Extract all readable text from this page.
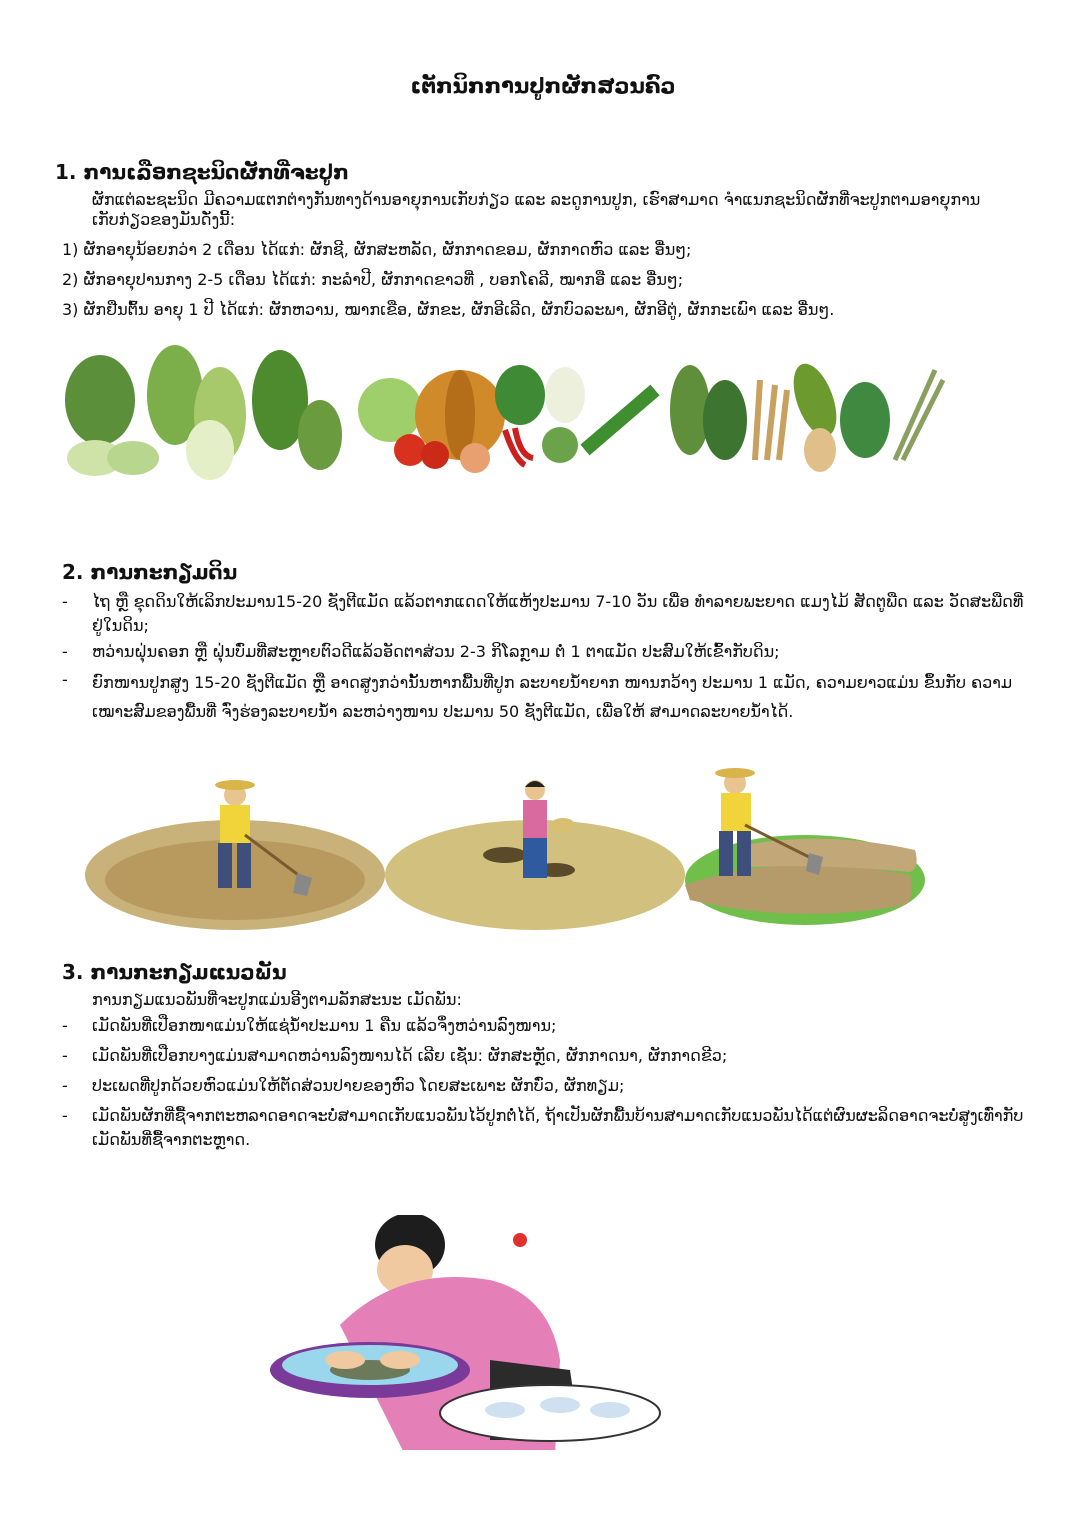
ເຕັກນິກການປູກຜັກສວນຄົວ
1. ການເລືອກຊະນິດຜັກທີ່ຈະປູກ
ຜັກແຕ່ລະຊະນິດ ມີຄວາມແຕກຕ່າງກັນທາງດ້ານອາຍຸການເກັບກ່ຽວ ແລະ ລະດູການປູກ, ເຮົາສາມາດ ຈຳແນກຊະນິດຜັກທີ່ຈະປູກຕາມອາຍຸການເກັບກ່ຽວຂອງມັນດັ່ງນີ້:
1) ຜັກອາຍຸນ້ອຍກວ່າ 2 ເດືອນ ໄດ້ແກ່: ຜັກຊີ, ຜັກສະຫລັດ, ຜັກກາດຂອມ, ຜັກກາດຫົວ ແລະ ອື່ນໆ;
2) ຜັກອາຍຸປານກາງ 2-5 ເດືອນ ໄດ້ແກ່: ກະລຳປີ, ຜັກກາດຂາວທີ່ , ບອກໂຄລີ, ໝາກອື ແລະ ອື່ນໆ;
3) ຜັກຢືນຕົ້ນ ອາຍຸ 1 ປີ ໄດ້ແກ່: ຜັກຫວານ, ໝາກເຂືອ, ຜັກຂະ, ຜັກອີເລີດ, ຜັກບົວລະພາ, ຜັກອີຕູ່, ຜັກກະເພົາ ແລະ ອື່ນໆ.
2. ການກະກຽມດິນ
- ໄຖ ຫຼື ຂຸດດິນໃຫ້ເລິກປະມານ15-20 ຊັງຕີແມັດ ແລ້ວຕາກແດດໃຫ້ແຫ້ງປະມານ 7-10 ວັນ ເພື່ອ ທຳລາຍພະຍາດ ແມງໄມ້ ສັດຕູພືດ ແລະ ວັດສະພືດທີ່ຢູ່ໃນດິນ;
- ຫວ່ານຝຸ່ນຄອກ ຫຼື ຝຸ່ນບົ່ມທີ່ສະຫຼາຍຕົວດີແລ້ວອັດຕາສ່ວນ 2-3 ກິໂລກຼາມ ຕໍ່ 1 ຕາແມັດ ປະສົມໃຫ້ເຂົ້າກັບດິນ;
- ຍົກໜານປູກສູງ 15-20 ຊັງຕີແມັດ ຫຼື ອາດສູງກວ່ານັ້ນຫາກພື້ນທີ່ປູກ ລະບາຍນ້ຳຍາກ ໜານກວ້າງ ປະມານ 1 ແມັດ, ຄວາມຍາວແມ່ນ ຂຶ້ນກັບ ຄວາມເໝາະສົມຂອງພື້ນທີ່ ຈົ່ງຮ່ອງລະບາຍນ້ຳ ລະຫວ່າງໜານ ປະມານ 50 ຊັງຕີແມັດ, ເພື່ອໃຫ້ ສາມາດລະບາຍນ້ຳໄດ້.
3. ການກະກຽມແນວພັນ
ການກຽມແນວພັນທີ່ຈະປູກແມ່ນອີງຕາມລັກສະນະ ເມັດພັນ:
- ເມັດພັນທີ່ເປືອກໜາແມ່ນໃຫ້ແຊ່ນ້ຳປະມານ 1 ຄືນ ແລ້ວຈຶ່ງຫວ່ານລົງໜານ;
- ເມັດພັນທີ່ເປືອກບາງແມ່ນສາມາດຫວ່ານລົງໜານໄດ້ ເລີຍ ເຊັ່ນ: ຜັກສະຫຼັດ, ຜັກກາດນາ, ຜັກກາດຂີວ;
- ປະເພດທີ່ປູກດ້ວຍຫົວແມ່ນໃຫ້ຕັດສ່ວນປາຍຂອງຫົວ ໂດຍສະເພາະ ຜັກບົ່ວ, ຜັກທຽມ;
- ເມັດພັນຜັກທີ່ຊື້ຈາກຕະຫລາດອາດຈະບໍ່ສາມາດເກັບແນວພັນໄວ້ປູກຕໍ່ໄດ້, ຖ້າເປັນຜັກພື້ນບ້ານສາມາດເກັບແນວພັນໄດ້ແຕ່ຜົນຜະລິດອາດຈະບໍ່ສູງເທົ່າກັບເມັດພັນທີ່ຊື້ຈາກຕະຫຼາດ.
